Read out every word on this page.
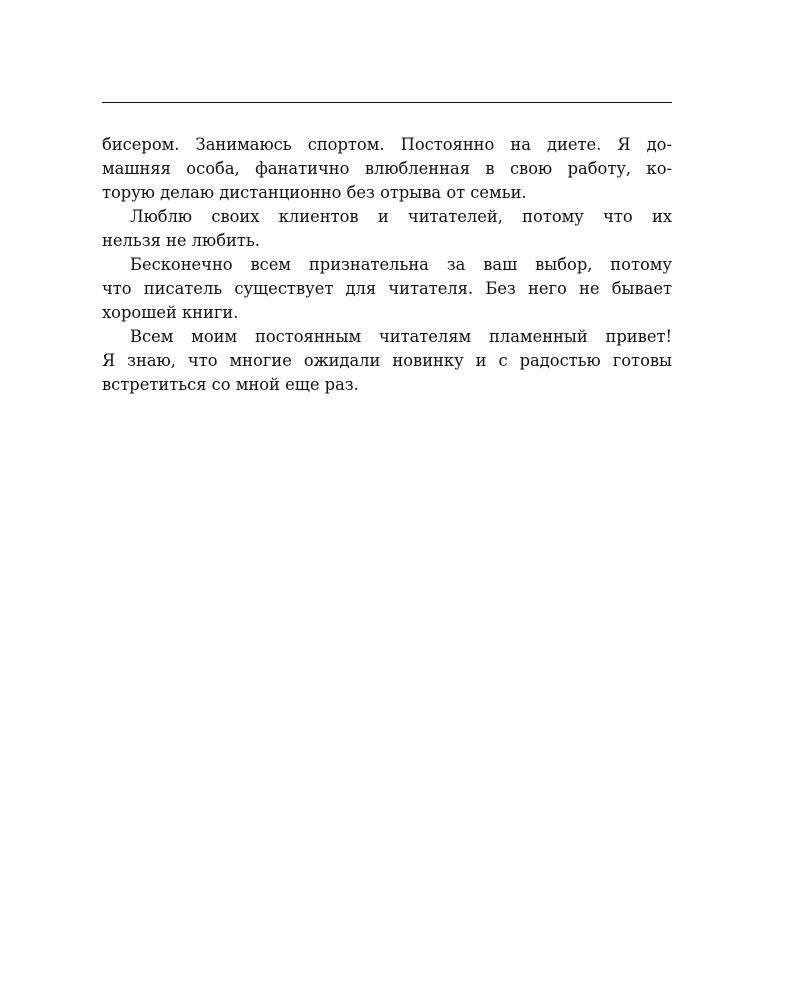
бисером. Занимаюсь спортом. Постоянно на диете. Я до-
машняя особа, фанатично влюбленная в свою работу, ко-
торую делаю дистанционно без отрыва от семьи.
Люблю своих клиентов и читателей, потому что их
нельзя не любить.
Бесконечно всем признательна за ваш выбор, потому
что писатель существует для читателя. Без него не бывает
хорошей книги.
Всем моим постоянным читателям пламенный привет!
Я знаю, что многие ожидали новинку и с радостью готовы
встретиться со мной еще раз.
